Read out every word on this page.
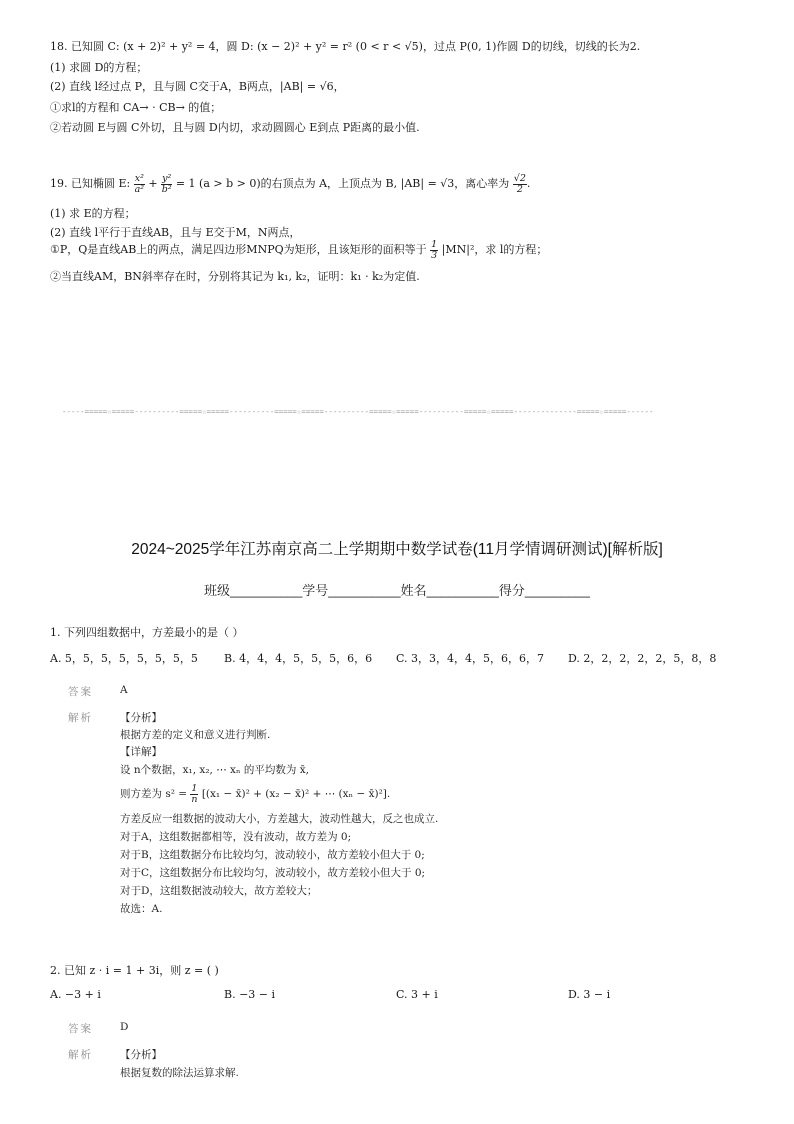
18. 已知圆 C: (x + 2)² + y² = 4，圆 D: (x − 2)² + y² = r² (0 < r < √5)，过点 P(0, 1)作圆 D的切线，切线的长为2.
(1) 求圆 D的方程；
(2) 直线 l经过点 P，且与圆 C交于A，B两点，|AB| = √6，
①求l的方程和 CA→ · CB→ 的值；
②若动圆 E与圆 C外切，且与圆 D内切，求动圆圆心 E到点 P距离的最小值.
19. 已知椭圆 E: $\frac{\text{x²}}{\text{a²}} + \frac{\text{y²}}{\text{b²}} = 1$ (a > b > 0)的右顶点为 A，上顶点为 B, |AB| = √3，离心率为 $\frac{√2}{2}$ .
(1) 求 E的方程；
(2) 直线 l平行于直线AB，且与 E交于M，N两点，
①P，Q是直线AB上的两点，满足四边形MNPQ为矩形，且该矩形的面积等于 $\frac{1}{3} |MN|^2$，求 l的方程；
②当直线AM，BN斜率存在时，分别将其记为 k₁, k₂，证明：k₁ · k₂为定值.
-----=====☆=====----------=====☆=====----------=====☆=====----------=====☆=====----------=====☆=====--------------=====☆=====------
2024~2025学年江苏南京高二上学期期中数学试卷(11月学情调研测试)[解析版]
班级__________学号__________姓名__________得分_________
1. 下列四组数据中，方差最小的是（ ）
A. 5，5，5，5，5，5，5，5 B. 4，4，4，5，5，5，6，6 C. 3，3，4，4，5，6，6，7 D. 2，2，2，2，2，5，8，8
答案	A
解析	【分析】
根据方差的定义和意义进行判断.
【详解】
设 n个数据，x₁, x₂, ⋯ xₙ 的平均数为 x̄,
则方差为 $s^2 = \frac{1}{n} [(x_1$ − x̄)² + (x₂ − x̄)² + ⋯ (xₙ − x̄)²].
方差反应一组数据的波动大小，方差越大，波动性越大，反之也成立.
对于A，这组数据都相等，没有波动，故方差为 0;
对于B，这组数据分布比较均匀，波动较小，故方差较小但大于 0;
对于C，这组数据分布比较均匀，波动较小，故方差较小但大于 0;
对于D，这组数据波动较大，故方差较大；
故选：A.
2. 已知 z · i = 1 + 3i，则 z = ( )
A. −3 + i	B. −3 − i	C. 3 + i	D. 3 − i
答案	D
解析	【分析】
根据复数的除法运算求解.
